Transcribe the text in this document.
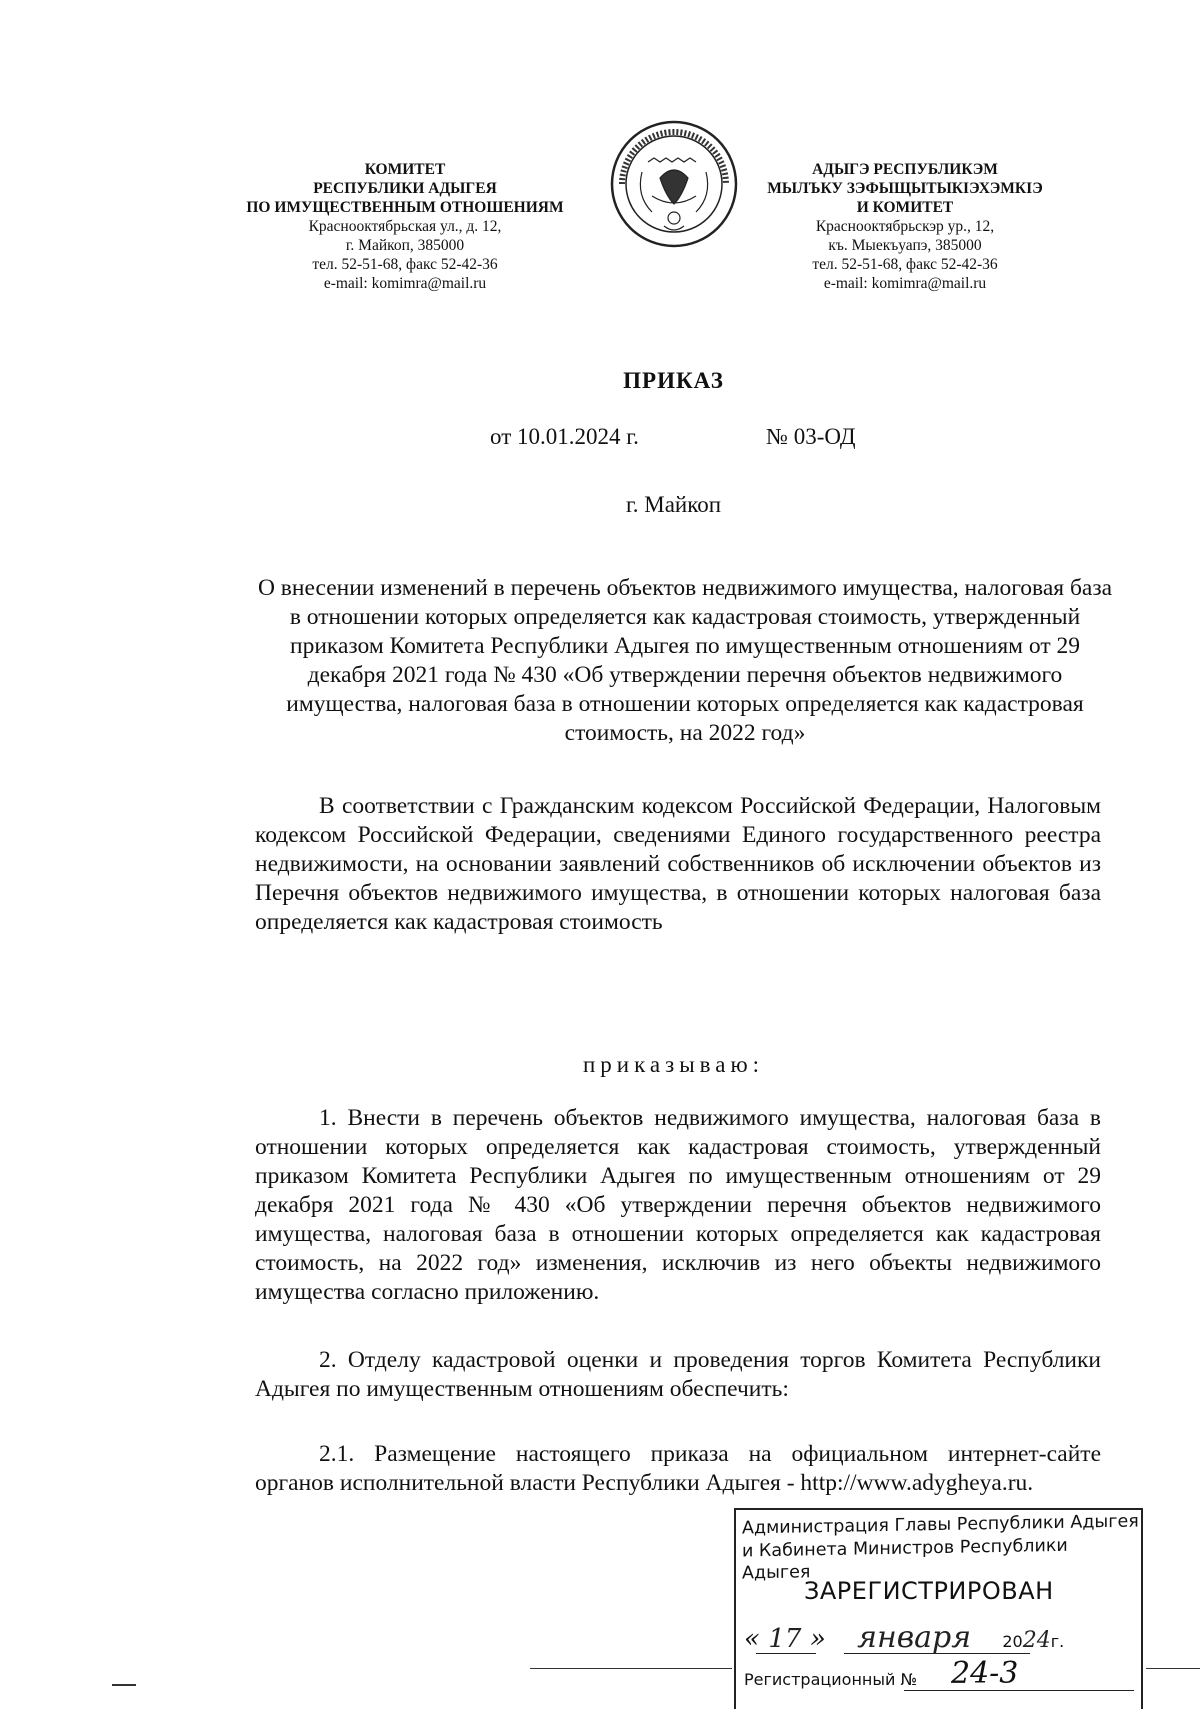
КОМИТЕТ
РЕСПУБЛИКИ АДЫГЕЯ
ПО ИМУЩЕСТВЕННЫМ ОТНОШЕНИЯМ
Краснооктябрьская ул., д. 12,
г. Майкоп, 385000
тел. 52-51-68, факс 52-42-36
e-mail: komimra@mail.ru
АДЫГЭ РЕСПУБЛИКЭМ
МЫЛЪКУ ЗЭФЫЩЫТЫКІЭХЭМКІЭ
И КОМИТЕТ
Краснооктябрьскэр ур., 12,
къ. Мыекъуапэ, 385000
тел. 52-51-68, факс 52-42-36
e-mail: komimra@mail.ru
ПРИКАЗ
от 10.01.2024 г.	№ 03-ОД
г. Майкоп
О внесении изменений в перечень объектов недвижимого имущества, налоговая база в отношении которых определяется как кадастровая стоимость, утвержденный приказом Комитета Республики Адыгея по имущественным отношениям от 29 декабря 2021 года № 430 «Об утверждении перечня объектов недвижимого имущества, налоговая база в отношении которых определяется как кадастровая стоимость, на 2022 год»
В соответствии с Гражданским кодексом Российской Федерации, Налоговым кодексом Российской Федерации, сведениями Единого государственного реестра недвижимости, на основании заявлений собственников об исключении объектов из Перечня объектов недвижимого имущества, в отношении которых налоговая база определяется как кадастровая стоимость
приказываю:
1. Внести в перечень объектов недвижимого имущества, налоговая база в отношении которых определяется как кадастровая стоимость, утвержденный приказом Комитета Республики Адыгея по имущественным отношениям от 29 декабря 2021 года № 430 «Об утверждении перечня объектов недвижимого имущества, налоговая база в отношении которых определяется как кадастровая стоимость, на 2022 год» изменения, исключив из него объекты недвижимого имущества согласно приложению.
2. Отделу кадастровой оценки и проведения торгов Комитета Республики Адыгея по имущественным отношениям обеспечить:
2.1. Размещение настоящего приказа на официальном интернет-сайте органов исполнительной власти Республики Адыгея - http://www.adygheya.ru.
Администрация Главы Республики Адыгея
и Кабинета Министров Республики Адыгея
ЗАРЕГИСТРИРОВАН
« 17 » января 2024г.
Регистрационный № 24-3
